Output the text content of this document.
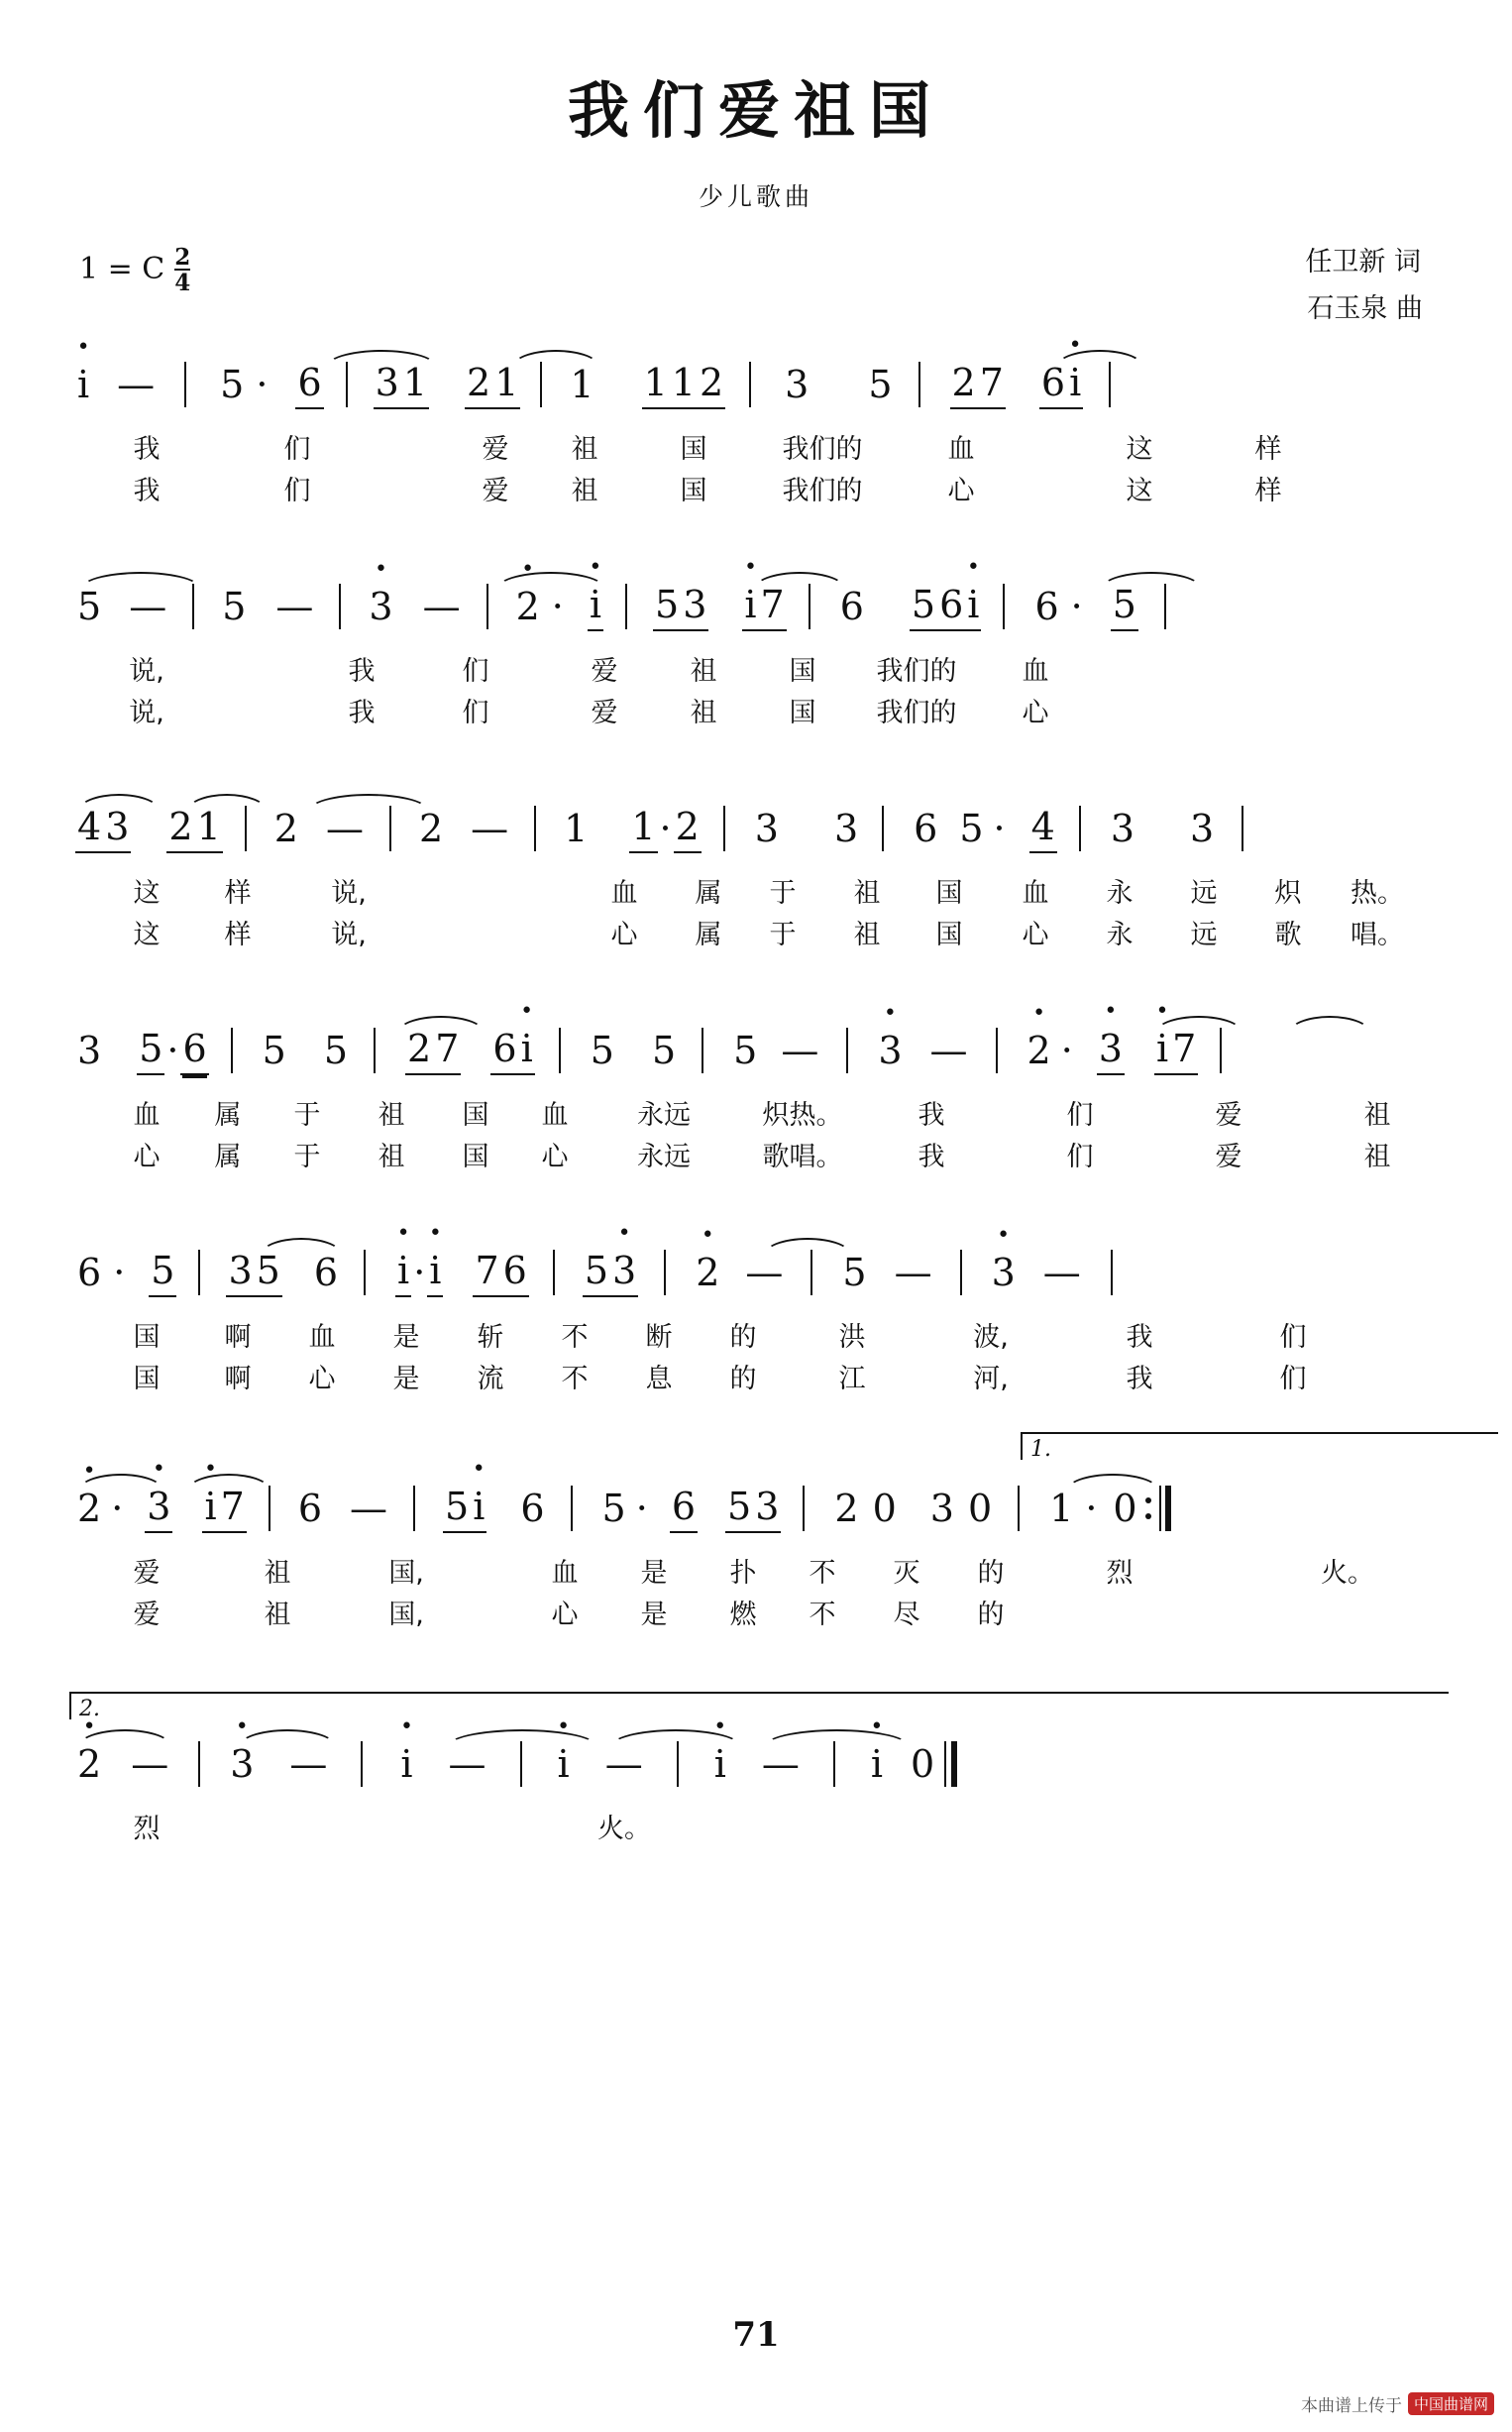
我们爱祖国
少儿歌曲
1 = C $\frac{2}{4}$	任卫新 词
石玉泉 曲
• i — 5 · 6 3 1 2 1 1 1 1 2 3 5 2 7 6 • i
我	们	爱 祖	国	我们的	血	这	样
我	们	爱 祖	国	我们的	心	这	样
5 — 5 — • 3 — • 2 · • i 5 3 • i 7 6 5 6 • i 6 · 5
说,	我	们	爱	祖	国 我们的 血
说,	我	们	爱	祖	国 我们的 心
4 3 2 1 2 — 2 — 1 1 · 2 3 3 6 5 · 4 3 3
这 样	说,	血 属 于 祖 国 血 永 远 炽 热。
这 样	说,	心 属 于 祖 国 心 永 远 歌 唱。
3 5 · 6 5 5 2 7 6 • i 5 5 5 — • 3 — • 2 · • 3 • i 7
血 属 于 祖 国 血	永远	炽热。	我	们	爱	祖
心 属 于 祖 国 心	永远	歌唱。	我	们	爱	祖
6 · 5 3 5 6 • i · • i 7 6 5 • 3 • 2 — 5 — • 3 —
国 啊 血 是 斩 不 断 的	洪	波,	我	们
国 啊 心 是 流 不 息 的	江	河,	我	们
1.
• 2 · • 3 • i 7 6 — 5 • i 6 5 · 6 5 3 2 0 3 0 1 · 0
爱	祖	国,	血 是 扑 不 灭 的	烈	火。
爱	祖	国,	心 是 燃 不 尽 的
2.
• 2 — • 3 — • i — • i — • i — • i 0
烈	火。
71
本曲谱上传于 中国曲谱网
